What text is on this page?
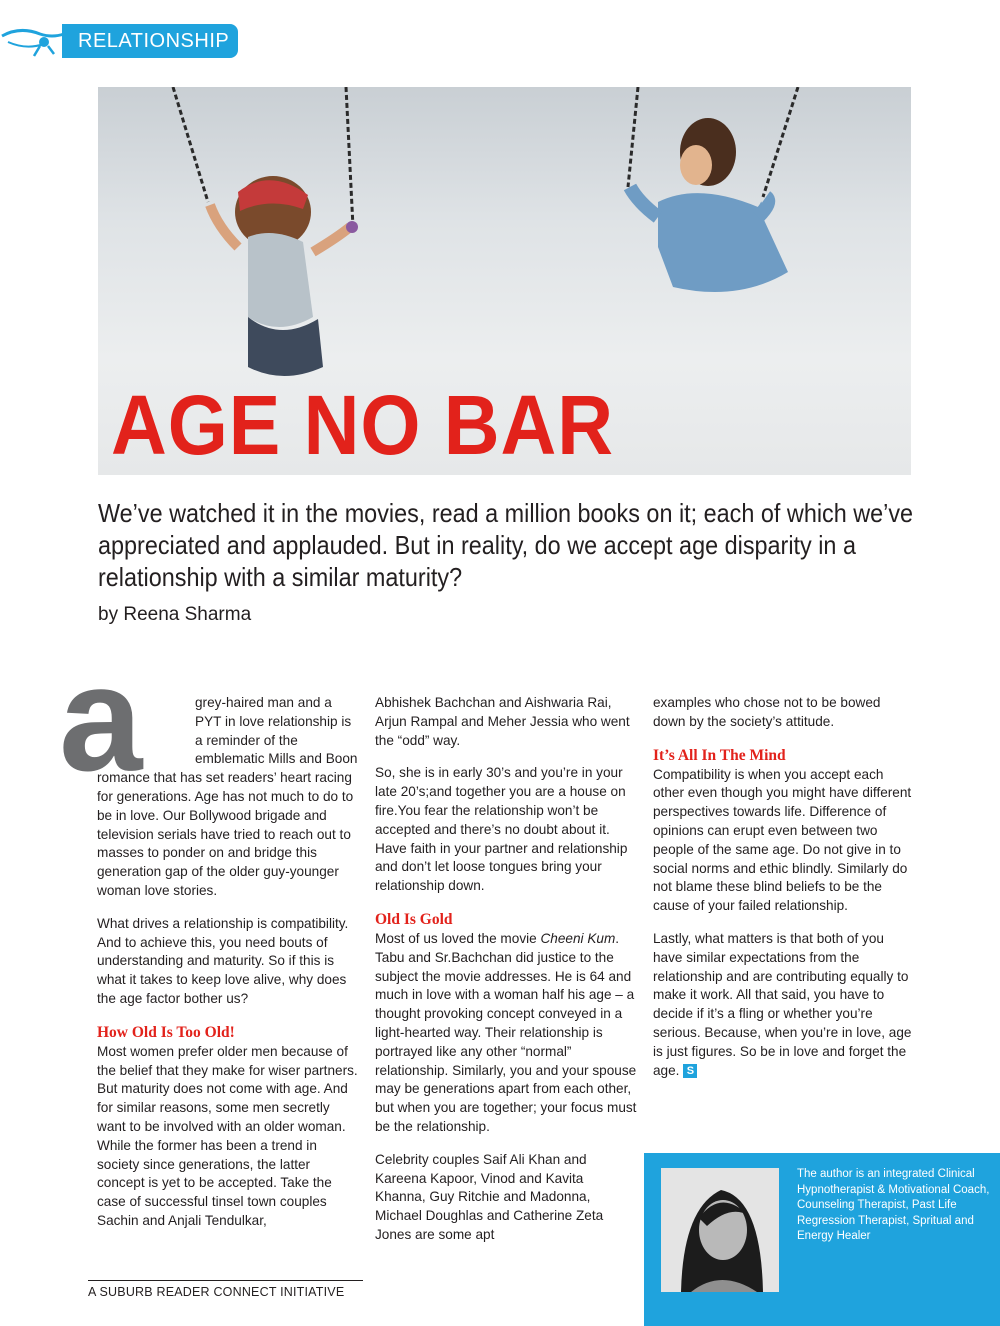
RELATIONSHIP
AGE NO BAR
We’ve watched it in the movies, read a million books on it; each of which we’ve appreciated and applauded. But in reality, do we accept age disparity in a relationship with a similar maturity?
by Reena Sharma

a	grey-haired man and a PYT in love relationship is a reminder of the emblematic Mills and Boon romance that has set readers’ heart racing for generations. Age has not much to do to be in love. Our Bollywood brigade and television serials have tried to reach out to masses to ponder on and bridge this generation gap of the older guy-younger woman love stories.

What drives a relationship is compatibility. And to achieve this, you need bouts of understanding and maturity. So if this is what it takes to keep love alive, why does the age factor bother us?

How Old Is Too Old!

Most women prefer older men because of the belief that they make for wiser partners. But maturity does not come with age. And for similar reasons, some men secretly want to be involved with an older woman. While the former has been a trend in society since generations, the latter concept is yet to be accepted. Take the case of successful tinsel town couples Sachin and Anjali Tendulkar,

Abhishek Bachchan and Aishwaria Rai, Arjun Rampal and Meher Jessia who went the “odd” way.

So, she is in early 30’s and you’re in your late 20’s;and together you are a house on fire.You fear the relationship won’t be accepted and there’s no doubt about it. Have faith in your partner and relationship and don’t let loose tongues bring your relationship down.

Old Is Gold

Most of us loved the movie Cheeni Kum. Tabu and Sr.Bachchan did justice to the subject the movie addresses. He is 64 and much in love with a woman half his age – a thought provoking concept conveyed in a light-hearted way. Their relationship is portrayed like any other “normal” relationship. Similarly, you and your spouse may be generations apart from each other, but when you are together; your focus must be the relationship.

Celebrity couples Saif Ali Khan and Kareena Kapoor, Vinod and Kavita Khanna, Guy Ritchie and Madonna, Michael Doughlas and Catherine Zeta Jones are some apt

examples who chose not to be bowed down by the society’s attitude.

It’s All In The Mind

Compatibility is when you accept each other even though you might have different perspectives towards life. Difference of opinions can erupt even between two people of the same age. Do not give in to social norms and ethic blindly. Similarly do not blame these blind beliefs to be the cause of your failed relationship.

Lastly, what matters is that both of you have similar expectations from the relationship and are contributing equally to make it work. All that said, you have to decide if it’s a fling or whether you’re serious. Because, when you’re in love, age is just figures. So be in love and forget the age. S

The author is an integrated Clinical Hypnotherapist & Motivational Coach, Counseling Therapist, Past Life Regression Therapist, Spritual and Energy Healer
A SUBURB READER CONNECT INITIATIVE
